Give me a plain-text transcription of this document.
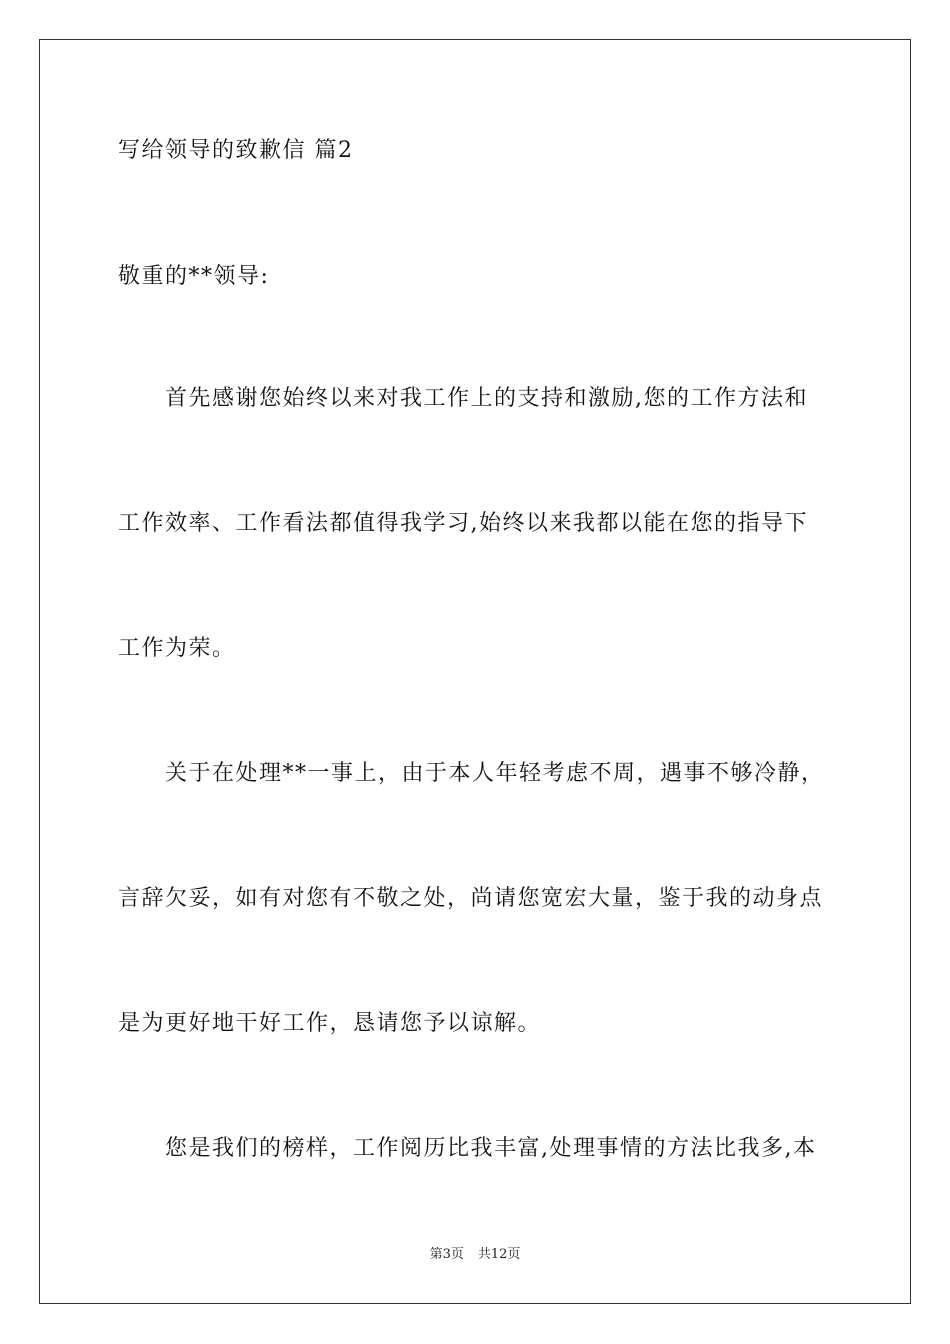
写给领导的致歉信 篇2
敬重的**领导:
首先感谢您始终以来对我工作上的支持和激励,您的工作方法和
工作效率、工作看法都值得我学习,始终以来我都以能在您的指导下
工作为荣。
关于在处理**一事上，由于本人年轻考虑不周，遇事不够冷静，
言辞欠妥，如有对您有不敬之处，尚请您宽宏大量，鉴于我的动身点
是为更好地干好工作，恳请您予以谅解。
您是我们的榜样，工作阅历比我丰富,处理事情的方法比我多,本
第3页 共12页
